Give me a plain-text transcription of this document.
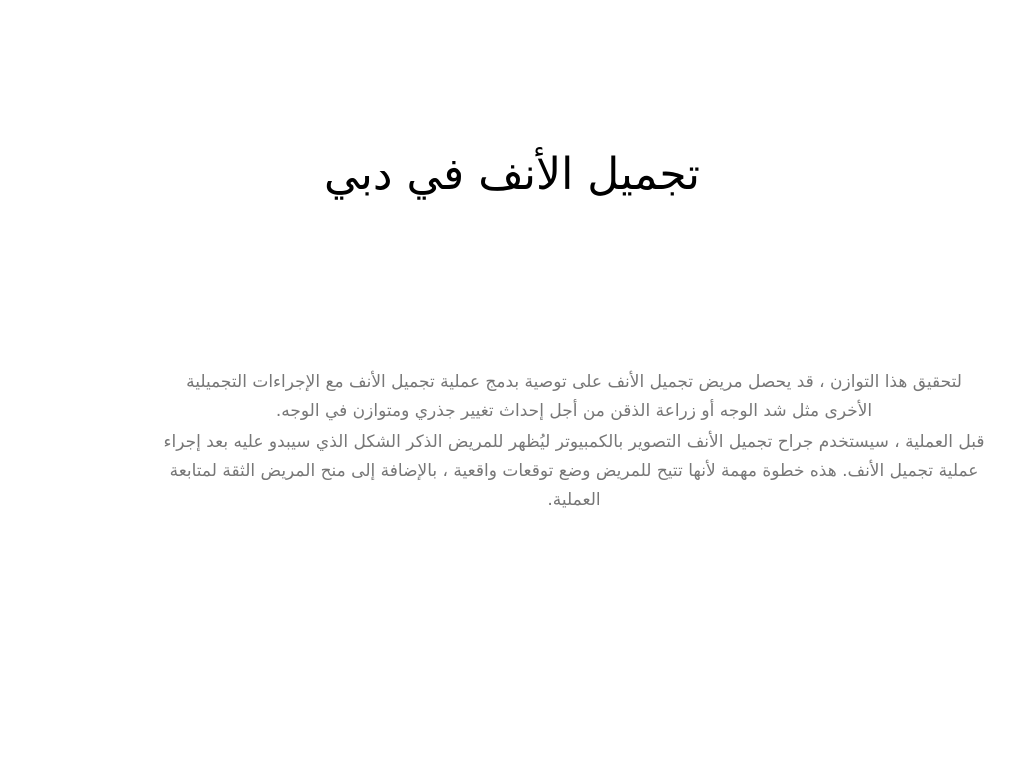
تجميل الأنف في دبي

لتحقيق هذا التوازن ، قد يحصل مريض تجميل الأنف على توصية بدمج عملية تجميل الأنف مع الإجراءات التجميلية الأخرى مثل شد الوجه أو زراعة الذقن من أجل إحداث تغيير جذري ومتوازن في الوجه.

قبل العملية ، سيستخدم جراح تجميل الأنف التصوير بالكمبيوتر ليُظهر للمريض الذكر الشكل الذي سيبدو عليه بعد إجراء عملية تجميل الأنف. هذه خطوة مهمة لأنها تتيح للمريض وضع توقعات واقعية ، بالإضافة إلى منح المريض الثقة لمتابعة العملية.
